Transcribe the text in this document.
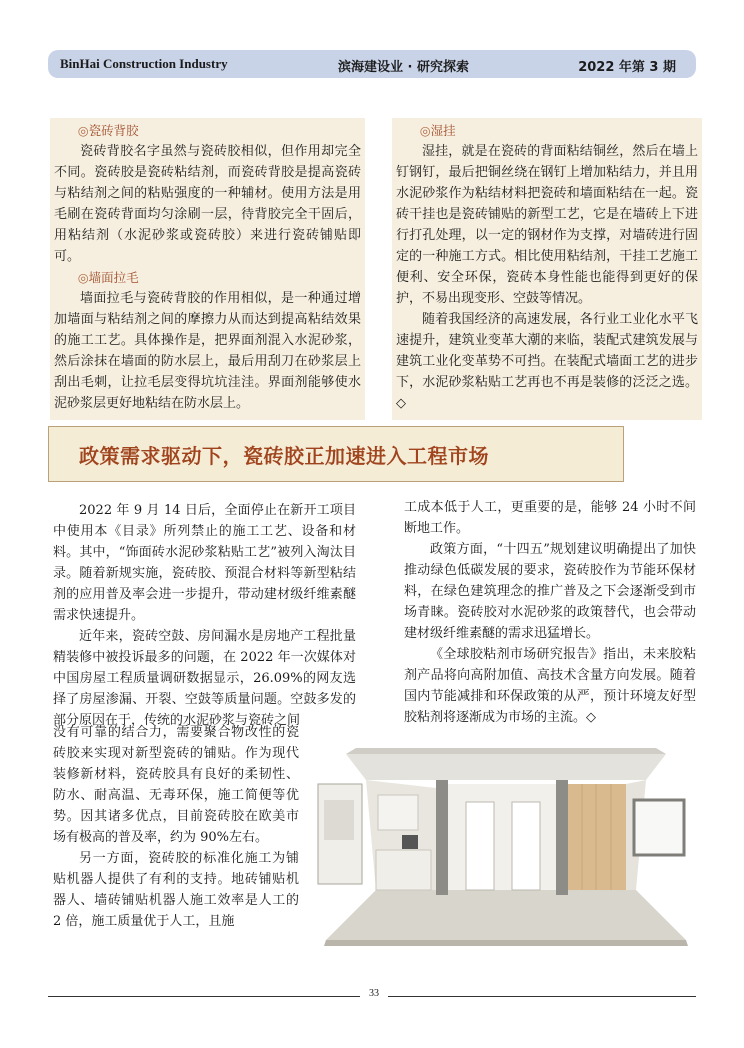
BinHai Construction Industry	滨海建设业 · 研究探索	2022 年第 3 期
◎瓷砖背胶

瓷砖背胶名字虽然与瓷砖胶相似，但作用却完全不同。瓷砖胶是瓷砖粘结剂，而瓷砖背胶是提高瓷砖与粘结剂之间的粘贴强度的一种辅材。使用方法是用毛刷在瓷砖背面均匀涂刷一层，待背胶完全干固后，用粘结剂（水泥砂浆或瓷砖胶）来进行瓷砖铺贴即可。

◎墙面拉毛

墙面拉毛与瓷砖背胶的作用相似，是一种通过增加墙面与粘结剂之间的摩擦力从而达到提高粘结效果的施工工艺。具体操作是，把界面剂混入水泥砂浆，然后涂抹在墙面的防水层上，最后用刮刀在砂浆层上刮出毛刺，让拉毛层变得坑坑洼洼。界面剂能够使水泥砂浆层更好地粘结在防水层上。

◎湿挂

湿挂，就是在瓷砖的背面粘结铜丝，然后在墙上钉钢钉，最后把铜丝绕在钢钉上增加粘结力，并且用水泥砂浆作为粘结材料把瓷砖和墙面粘结在一起。瓷砖干挂也是瓷砖铺贴的新型工艺，它是在墙砖上下进行打孔处理，以一定的钢材作为支撑，对墙砖进行固定的一种施工方式。相比使用粘结剂，干挂工艺施工便利、安全环保，瓷砖本身性能也能得到更好的保护，不易出现变形、空鼓等情况。

随着我国经济的高速发展，各行业工业化水平飞速提升，建筑业变革大潮的来临，装配式建筑发展与建筑工业化变革势不可挡。在装配式墙面工艺的进步下，水泥砂浆粘贴工艺再也不再是装修的泛泛之选。◇

政策需求驱动下，瓷砖胶正加速进入工程市场

2022 年 9 月 14 日后，全面停止在新开工项目中使用本《目录》所列禁止的施工工艺、设备和材料。其中，“饰面砖水泥砂浆粘贴工艺”被列入淘汰目录。随着新规实施，瓷砖胶、预混合材料等新型粘结剂的应用普及率会进一步提升，带动建材级纤维素醚需求快速提升。

近年来，瓷砖空鼓、房间漏水是房地产工程批量精装修中被投诉最多的问题，在 2022 年一次媒体对中国房屋工程质量调研数据显示，26.09%的网友选择了房屋渗漏、开裂、空鼓等质量问题。空鼓多发的部分原因在于，传统的水泥砂浆与瓷砖之间

没有可靠的结合力，需要聚合物改性的瓷砖胶来实现对新型瓷砖的铺贴。作为现代装修新材料，瓷砖胶具有良好的柔韧性、防水、耐高温、无毒环保，施工简便等优势。因其诸多优点，目前瓷砖胶在欧美市场有极高的普及率，约为 90%左右。

另一方面，瓷砖胶的标准化施工为铺贴机器人提供了有利的支持。地砖铺贴机器人、墙砖铺贴机器人施工效率是人工的 2 倍，施工质量优于人工，且施

工成本低于人工，更重要的是，能够 24 小时不间断地工作。

政策方面，“十四五”规划建议明确提出了加快推动绿色低碳发展的要求，瓷砖胶作为节能环保材料，在绿色建筑理念的推广普及之下会逐渐受到市场青睐。瓷砖胶对水泥砂浆的政策替代，也会带动建材级纤维素醚的需求迅猛增长。

《全球胶粘剂市场研究报告》指出，未来胶粘剂产品将向高附加值、高技术含量方向发展。随着国内节能减排和环保政策的从严，预计环境友好型胶粘剂将逐渐成为市场的主流。◇

33
